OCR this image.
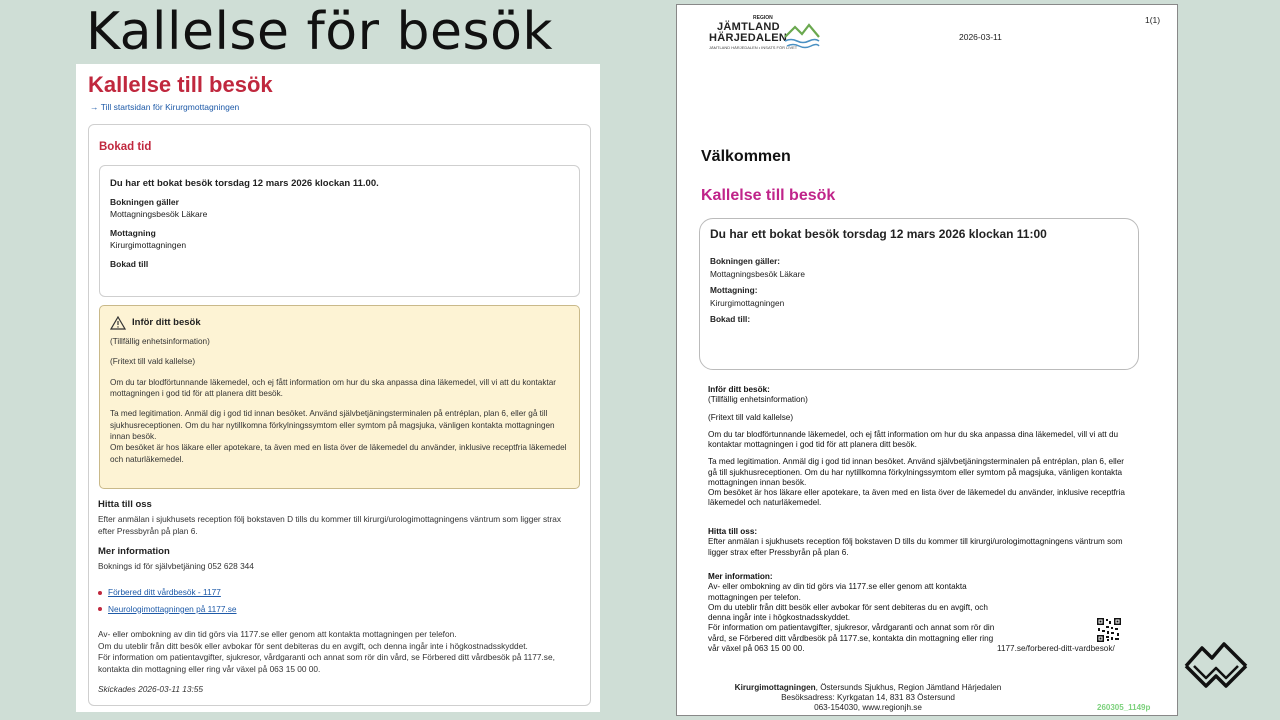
Kallelse för besök
Kallelse till besök
→ Till startsidan för Kirurgmottagningen
Bokad tid
Du har ett bokat besök torsdag 12 mars 2026 klockan 11.00.
Bokningen gäller
Mottagningsbesök Läkare
Mottagning
Kirurgimottagningen
Bokad till
Inför ditt besök

(Tillfällig enhetsinformation)

(Fritext till vald kallelse)

Om du tar blodförtunnande läkemedel, och ej fått information om hur du ska anpassa dina läkemedel, vill vi att du kontaktar mottagningen i god tid för att planera ditt besök.

Ta med legitimation. Anmäl dig i god tid innan besöket. Använd självbetjäningsterminalen på entréplan, plan 6, eller gå till sjukhusreceptionen. Om du har nytillkomna förkylningssymtom eller symtom på magsjuka, vänligen kontakta mottagningen innan besök.

Om besöket är hos läkare eller apotekare, ta även med en lista över de läkemedel du använder, inklusive receptfria läkemedel och naturläkemedel.

Hitta till oss
Efter anmälan i sjukhusets reception följ bokstaven D tills du kommer till kirurgi/urologimottagningens väntrum som ligger strax efter Pressbyrån på plan 6.
Mer information
Boknings id för självbetjäning 052 628 344
Förbered ditt vårdbesök - 1177
Neurologimottagningen på 1177.se
Av- eller ombokning av din tid görs via 1177.se eller genom att kontakta mottagningen per telefon.
Om du uteblir från ditt besök eller avbokar för sent debiteras du en avgift, och denna ingår inte i högkostnadsskyddet.
För information om patientavgifter, sjukresor, vårdgaranti och annat som rör din vård, se Förbered ditt vårdbesök på 1177.se, kontakta din mottagning eller ring vår växel på 063 15 00 00.
Skickades 2026-03-11 13:55
REGION
JÄMTLAND
HÄRJEDALEN
JÄMTLAND HÄRJEDALEN • INSATS FÖR LIVET
2026-03-11
1(1)
Välkommen
Kallelse till besök
Du har ett bokat besök torsdag 12 mars 2026 klockan 11:00
Bokningen gäller:
Mottagningsbesök Läkare
Mottagning:
Kirurgimottagningen
Bokad till:
Inför ditt besök:

(Tillfällig enhetsinformation)

(Fritext till vald kallelse)

Om du tar blodförtunnande läkemedel, och ej fått information om hur du ska anpassa dina läkemedel, vill vi att du kontaktar mottagningen i god tid för att planera ditt besök.

Ta med legitimation. Anmäl dig i god tid innan besöket. Använd självbetjäningsterminalen på entréplan, plan 6, eller gå till sjukhusreceptionen. Om du har nytillkomna förkylningssymtom eller symtom på magsjuka, vänligen kontakta mottagningen innan besök.

Om besöket är hos läkare eller apotekare, ta även med en lista över de läkemedel du använder, inklusive receptfria läkemedel och naturläkemedel.

Hitta till oss:
Efter anmälan i sjukhusets reception följ bokstaven D tills du kommer till kirurgi/urologimottagningens väntrum som ligger strax efter Pressbyrån på plan 6.
Mer information:
Av- eller ombokning av din tid görs via 1177.se eller genom att kontakta mottagningen per telefon.
Om du uteblir från ditt besök eller avbokar för sent debiteras du en avgift, och denna ingår inte i högkostnadsskyddet.
För information om patientavgifter, sjukresor, vårdgaranti och annat som rör din vård, se Förbered ditt vårdbesök på 1177.se, kontakta din mottagning eller ring vår växel på 063 15 00 00.	1177.se/forbered-ditt-vardbesok/
Kirurgimottagningen, Östersunds Sjukhus, Region Jämtland Härjedalen
Besöksadress: Kyrkgatan 14, 831 83 Östersund
063-154030, www.regionjh.se	260305_1149p
